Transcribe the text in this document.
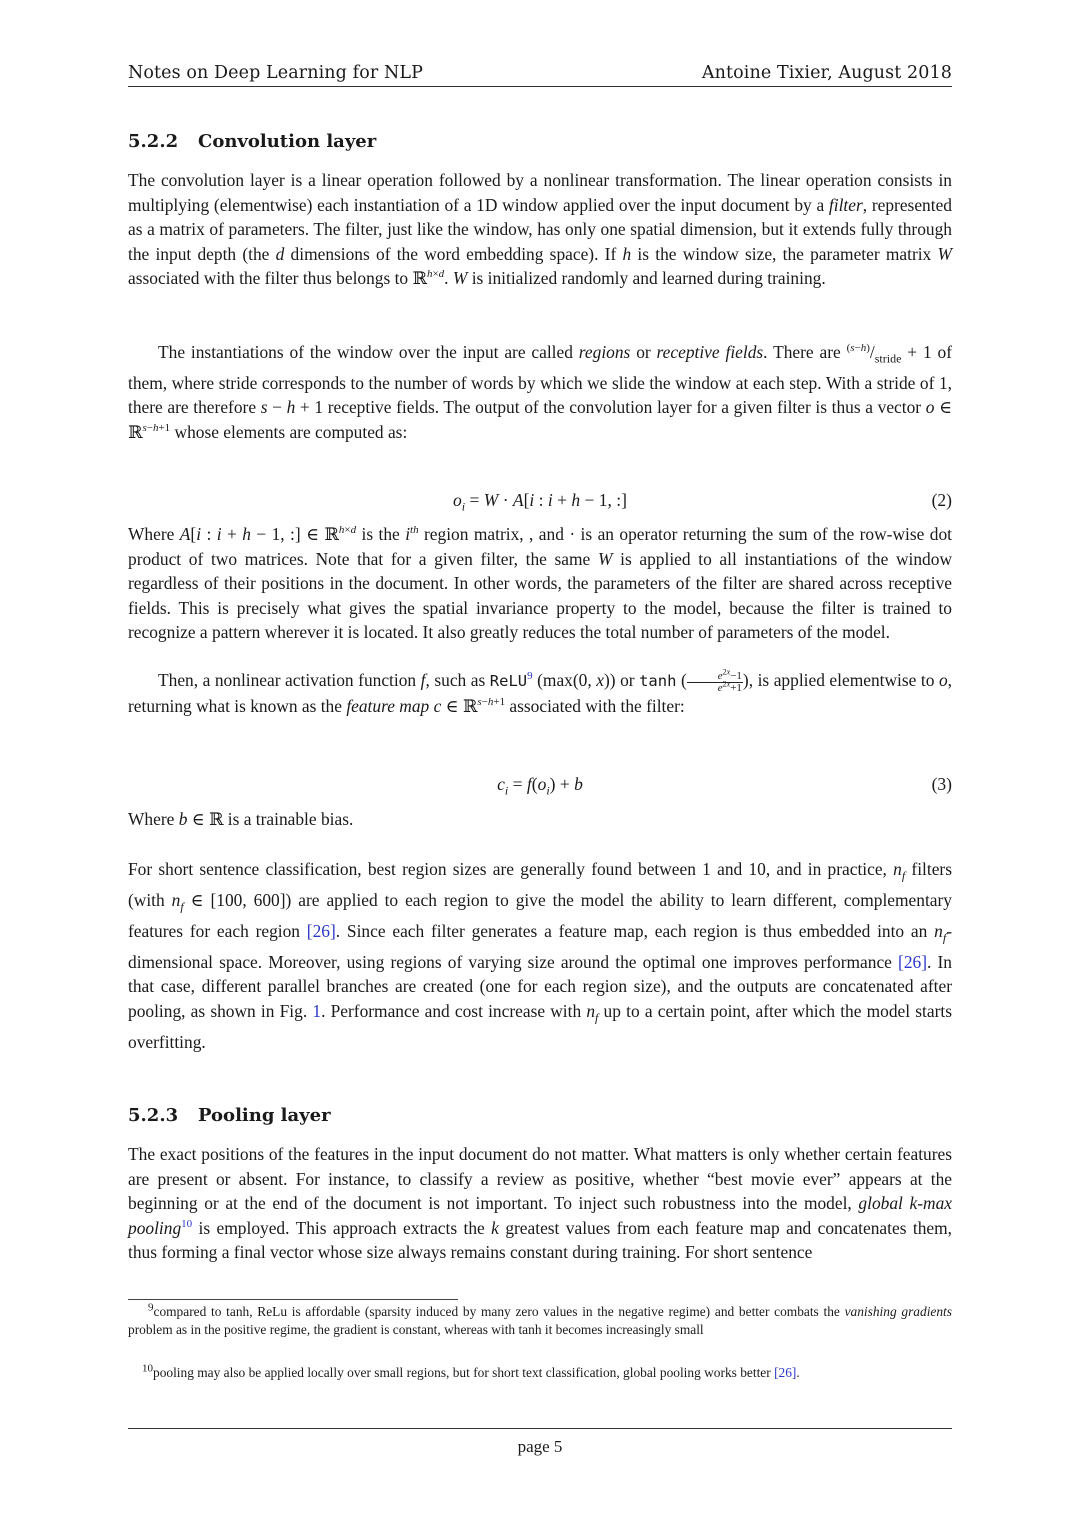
Notes on Deep Learning for NLP	Antoine Tixier, August 2018
5.2.2 Convolution layer

The convolution layer is a linear operation followed by a nonlinear transformation. The linear operation consists in multiplying (elementwise) each instantiation of a 1D window applied over the input document by a filter, represented as a matrix of parameters. The filter, just like the window, has only one spatial dimension, but it extends fully through the input depth (the d dimensions of the word embedding space). If h is the window size, the parameter matrix W associated with the filter thus belongs to ℝ$^{h\times d}$. W is initialized randomly and learned during training.

The instantiations of the window over the input are called regions or receptive fields. There are $^{(s-h)}/_{stride} + 1$ of them, where stride corresponds to the number of words by which we slide the window at each step. With a stride of 1, there are therefore s − h + 1 receptive fields. The output of the convolution layer for a given filter is thus a vector o ∈ ℝ$^{s-h+1}$ whose elements are computed as:

$o_i = W \cdot A[i$ : i + h − 1, :]	(2)

Where A[i : i + h − 1, :] ∈ ℝ$^{h\times d}$ is the $i^{th}$ region matrix, , and · is an operator returning the sum of the row-wise dot product of two matrices. Note that for a given filter, the same W is applied to all instantiations of the window regardless of their positions in the document. In other words, the parameters of the filter are shared across receptive fields. This is precisely what gives the spatial invariance property to the model, because the filter is trained to recognize a pattern wherever it is located. It also greatly reduces the total number of parameters of the model.

Then, a nonlinear activation function f, such as ReLU$^9$ (max(0, x)) or tanh ( $\frac{e^{2x}-1}{e^{2x}+1}$ ), is applied elementwise to o, returning what is known as the feature map c ∈ ℝ$^{s-h+1}$ associated with the filter:

$c_i = f(o_i) + b$	(3)

Where b ∈ ℝ is a trainable bias.

For short sentence classification, best region sizes are generally found between 1 and 10, and in practice, $n_f$ filters (with $n_f$ ∈ [100, 600]) are applied to each region to give the model the ability to learn different, complementary features for each region [26]. Since each filter generates a feature map, each region is thus embedded into an $n_f$-dimensional space. Moreover, using regions of varying size around the optimal one improves performance [26]. In that case, different parallel branches are created (one for each region size), and the outputs are concatenated after pooling, as shown in Fig. 1. Performance and cost increase with $n_f$ up to a certain point, after which the model starts overfitting.

5.2.3 Pooling layer

The exact positions of the features in the input document do not matter. What matters is only whether certain features are present or absent. For instance, to classify a review as positive, whether “best movie ever” appears at the beginning or at the end of the document is not important. To inject such robustness into the model, global k-max pooling$^{10}$ is employed. This approach extracts the k greatest values from each feature map and concatenates them, thus forming a final vector whose size always remains constant during training. For short sentence

$^9$compared to tanh, ReLu is affordable (sparsity induced by many zero values in the negative regime) and better combats the vanishing gradients problem as in the positive regime, the gradient is constant, whereas with tanh it becomes increasingly small
$^{10}$pooling may also be applied locally over small regions, but for short text classification, global pooling works better [26].
page 5
